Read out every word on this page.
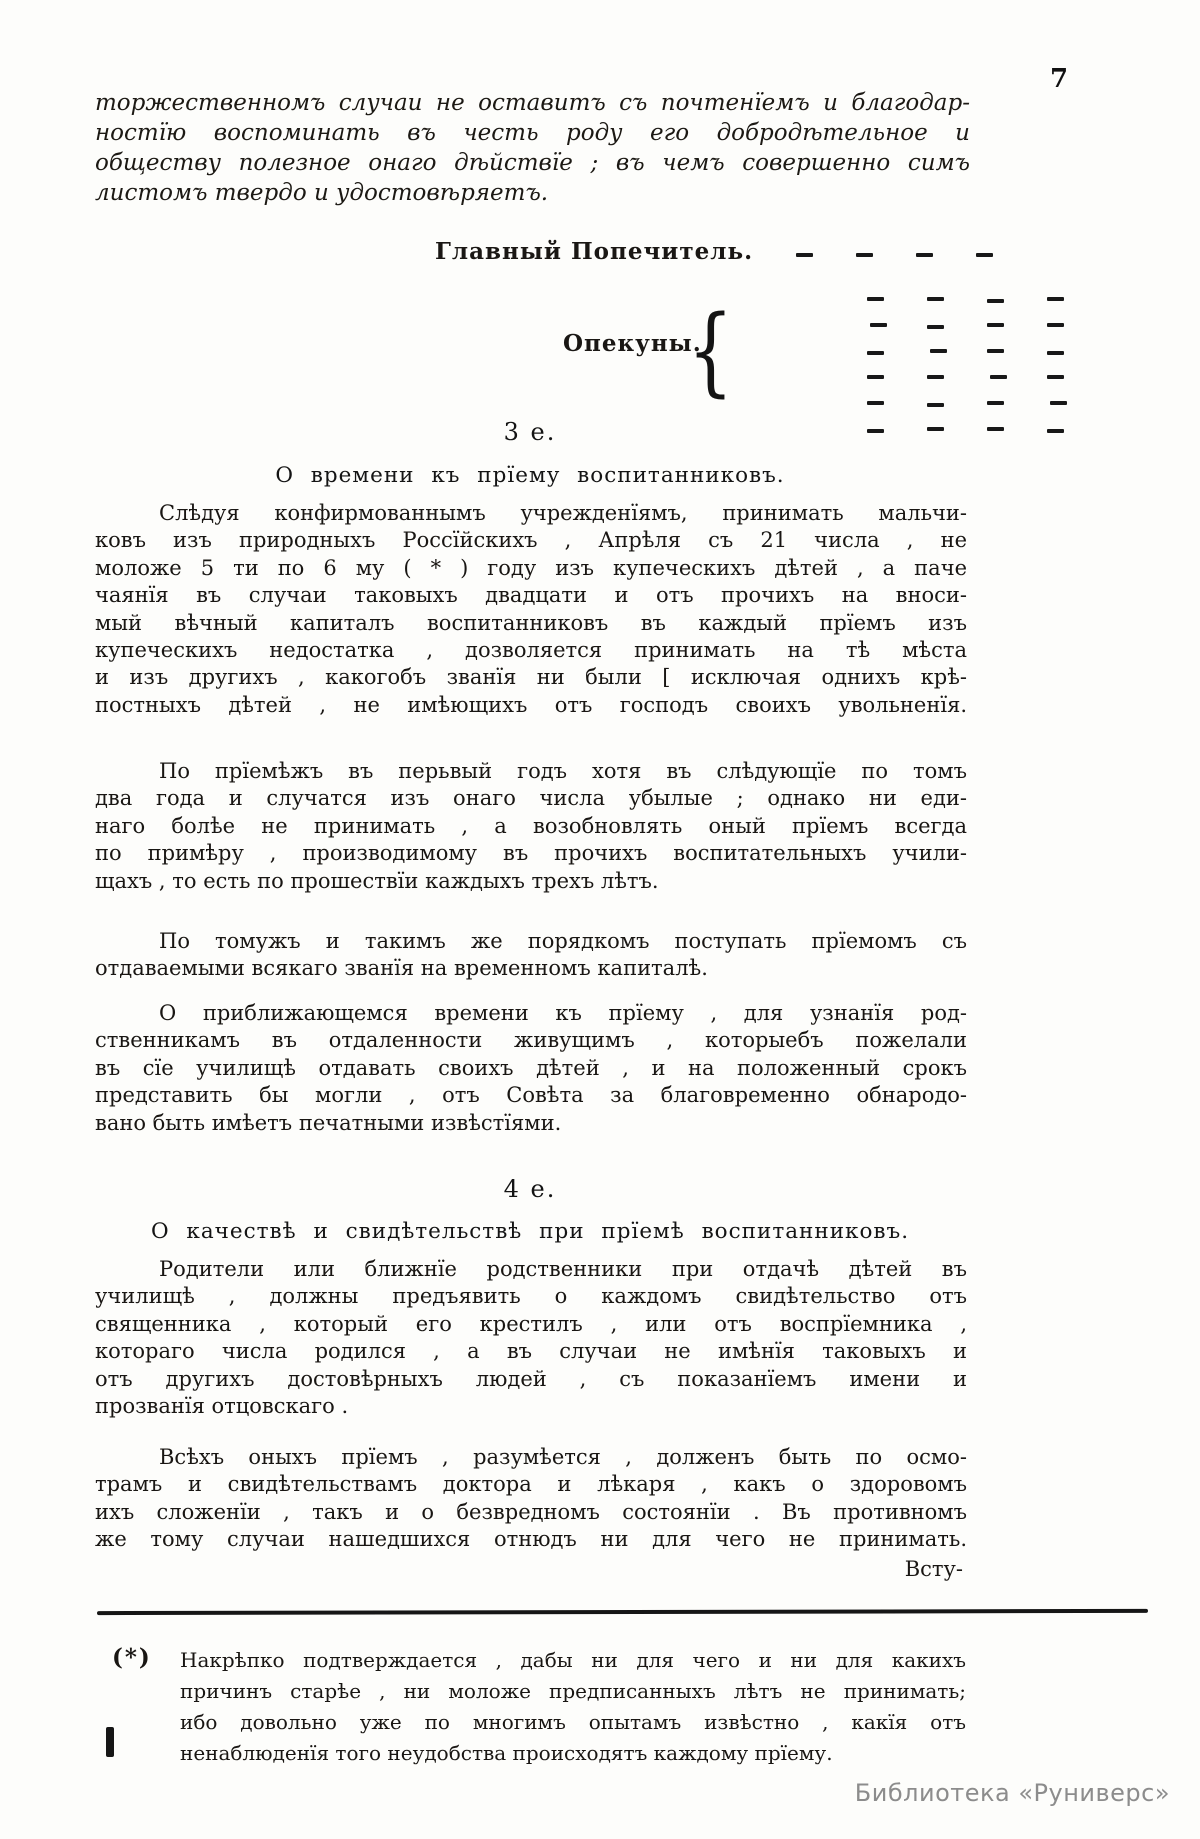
7
торжественномъ случаи не оставитъ съ почтенїемъ и благодар-
ностїю воспоминать въ честь роду его добродѣтельное и
обществу полезное онаго дѣйствїе ; въ чемъ совершенно симъ
листомъ твердо и удостовѣряетъ.
Главный Попечитель.
Опекуны.
{
3 е.
О времени къ прїему воспитанниковъ.
Слѣдуя конфирмованнымъ учрежденїямъ, принимать мальчи-
ковъ изъ природныхъ Россїйскихъ , Апрѣля съ 21 числа , не
моложе 5 ти по 6 му ( * ) году изъ купеческихъ дѣтей , а паче
чаянїя въ случаи таковыхъ двадцати и отъ прочихъ на вноси-
мый вѣчный капиталъ воспитанниковъ въ каждый прїемъ изъ
купеческихъ недостатка , дозволяется принимать на тѣ мѣста
и изъ другихъ , какогобъ званїя ни были [ исключая однихъ крѣ-
постныхъ дѣтей , не имѣющихъ отъ господъ своихъ увольненїя.
По прїемѣжъ въ перьвый годъ хотя въ слѣдующїе по томъ
два года и случатся изъ онаго числа убылые ; однако ни еди-
наго болѣе не принимать , а возобновлять оный прїемъ всегда
по примѣру , производимому въ прочихъ воспитательныхъ учили-
щахъ , то есть по прошествїи каждыхъ трехъ лѣтъ.
По томужъ и такимъ же порядкомъ поступать прїемомъ съ
отдаваемыми всякаго званїя на временномъ капиталѣ.
О приближающемся времени къ прїему , для узнанїя род-
ственникамъ въ отдаленности живущимъ , которыебъ пожелали
въ сїе училищѣ отдавать своихъ дѣтей , и на положенный срокъ
представить бы могли , отъ Совѣта за благовременно обнародо-
вано быть имѣетъ печатными извѣстїями.
4 е.
О качествѣ и свидѣтельствѣ при прїемѣ воспитанниковъ.
Родители или ближнїе родственники при отдачѣ дѣтей въ
училищѣ , должны предъявить о каждомъ свидѣтельство отъ
священника , который его крестилъ , или отъ воспрїемника ,
котораго числа родился , а въ случаи не имѣнїя таковыхъ и
отъ другихъ достовѣрныхъ людей , съ показанїемъ имени и
прозванїя отцовскаго .
Всѣхъ оныхъ прїемъ , разумѣется , долженъ быть по осмо-
трамъ и свидѣтельствамъ доктора и лѣкаря , какъ о здоровомъ
ихъ сложенїи , такъ и о безвредномъ состоянїи . Въ противномъ
же тому случаи нашедшихся отнюдъ ни для чего не принимать.
Всту-
(*) Накрѣпко подтверждается , дабы ни для чего и ни для какихъ
причинъ старѣе , ни моложе предписанныхъ лѣтъ не принимать;
ибо довольно уже по многимъ опытамъ извѣстно , какїя отъ
ненаблюденїя того неудобства происходятъ каждому прїему.
Библиотека «Руниверс»
